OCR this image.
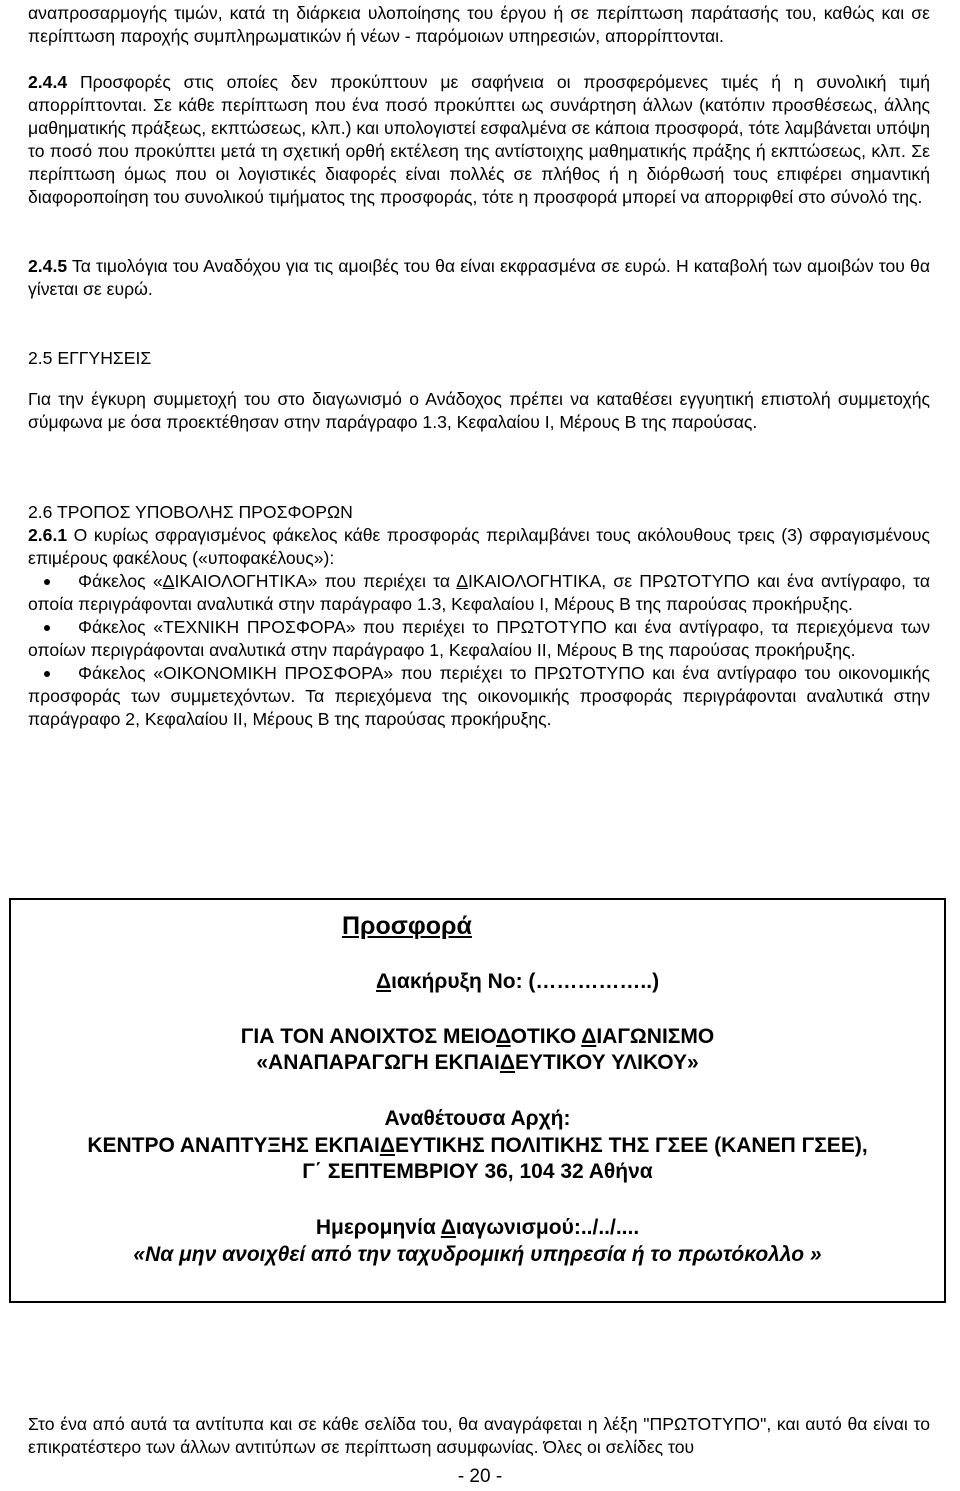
αναπροσαρμογής τιμών, κατά τη διάρκεια υλοποίησης του έργου ή σε περίπτωση παράτασής του, καθώς και σε περίπτωση παροχής συμπληρωματικών ή νέων - παρόμοιων υπηρεσιών, απορρίπτονται.
2.4.4 Προσφορές στις οποίες δεν προκύπτουν με σαφήνεια οι προσφερόμενες τιμές ή η συνολική τιμή απορρίπτονται. Σε κάθε περίπτωση που ένα ποσό προκύπτει ως συνάρτηση άλλων (κατόπιν προσθέσεως, άλλης μαθηματικής πράξεως, εκπτώσεως, κλπ.) και υπολογιστεί εσφαλμένα σε κάποια προσφορά, τότε λαμβάνεται υπόψη το ποσό που προκύπτει μετά τη σχετική ορθή εκτέλεση της αντίστοιχης μαθηματικής πράξης ή εκπτώσεως, κλπ. Σε περίπτωση όμως που οι λογιστικές διαφορές είναι πολλές σε πλήθος ή η διόρθωσή τους επιφέρει σημαντική διαφοροποίηση του συνολικού τιμήματος της προσφοράς, τότε η προσφορά μπορεί να απορριφθεί στο σύνολό της.
2.4.5 Τα τιμολόγια του Αναδόχου για τις αμοιβές του θα είναι εκφρασμένα σε ευρώ. Η καταβολή των αμοιβών του θα γίνεται σε ευρώ.
2.5 ΕΓΓΥΗΣΕΙΣ
Για την έγκυρη συμμετοχή του στο διαγωνισμό ο Ανάδοχος πρέπει να καταθέσει εγγυητική επιστολή συμμετοχής σύμφωνα με όσα προεκτέθησαν στην παράγραφο 1.3, Κεφαλαίου Ι, Μέρους Β της παρούσας.
2.6 ΤΡΟΠΟΣ ΥΠΟΒΟΛΗΣ ΠΡΟΣΦΟΡΩΝ
2.6.1 Ο κυρίως σφραγισμένος φάκελος κάθε προσφοράς περιλαμβάνει τους ακόλουθους τρεις (3) σφραγισμένους επιμέρους φακέλους («υποφακέλους»):
Φάκελος «ΔΙΚΑΙΟΛΟΓΗΤΙΚΑ» που περιέχει τα ΔΙΚΑΙΟΛΟΓΗΤΙΚΑ, σε ΠΡΩΤΟΤΥΠΟ και ένα αντίγραφο, τα οποία περιγράφονται αναλυτικά στην παράγραφο 1.3, Κεφαλαίου Ι, Μέρους Β της παρούσας προκήρυξης.
Φάκελος «ΤΕΧΝΙΚΗ ΠΡΟΣΦΟΡΑ» που περιέχει το ΠΡΩΤΟΤΥΠΟ και ένα αντίγραφο, τα περιεχόμενα των οποίων περιγράφονται αναλυτικά στην παράγραφο 1, Κεφαλαίου ΙΙ, Μέρους Β της παρούσας προκήρυξης.
Φάκελος «ΟΙΚΟΝΟΜΙΚΗ ΠΡΟΣΦΟΡΑ» που περιέχει το ΠΡΩΤΟΤΥΠΟ και ένα αντίγραφο του οικονομικής προσφοράς των συμμετεχόντων. Τα περιεχόμενα της οικονομικής προσφοράς περιγράφονται αναλυτικά στην παράγραφο 2, Κεφαλαίου ΙΙ, Μέρους Β της παρούσας προκήρυξης.
Προσφορά
Διακήρυξη Νο: (……………..)
ΓΙΑ ΤΟΝ ΑΝΟΙΧΤΟΣ ΜΕΙΟΔΟΤΙΚΟ ΔΙΑΓΩΝΙΣΜΟ
«ΑΝΑΠΑΡΑΓΩΓΗ ΕΚΠΑΙΔΕΥΤΙΚΟΥ ΥΛΙΚΟΥ»
Αναθέτουσα Αρχή:
ΚΕΝΤΡΟ ΑΝΑΠΤΥΞΗΣ ΕΚΠΑΙΔΕΥΤΙΚΗΣ ΠΟΛΙΤΙΚΗΣ ΤΗΣ ΓΣΕΕ (ΚΑΝΕΠ ΓΣΕΕ),
Γ΄ ΣΕΠΤΕΜΒΡΙΟΥ 36, 104 32 Αθήνα
Ημερομηνία Διαγωνισμού:../../....
«Να μην ανοιχθεί από την ταχυδρομική υπηρεσία ή το πρωτόκολλο »
Στο ένα από αυτά τα αντίτυπα και σε κάθε σελίδα του, θα αναγράφεται η λέξη "ΠΡΩΤΟΤΥΠΟ", και αυτό θα είναι το επικρατέστερο των άλλων αντιτύπων σε περίπτωση ασυμφωνίας. Όλες οι σελίδες του
- 20 -
